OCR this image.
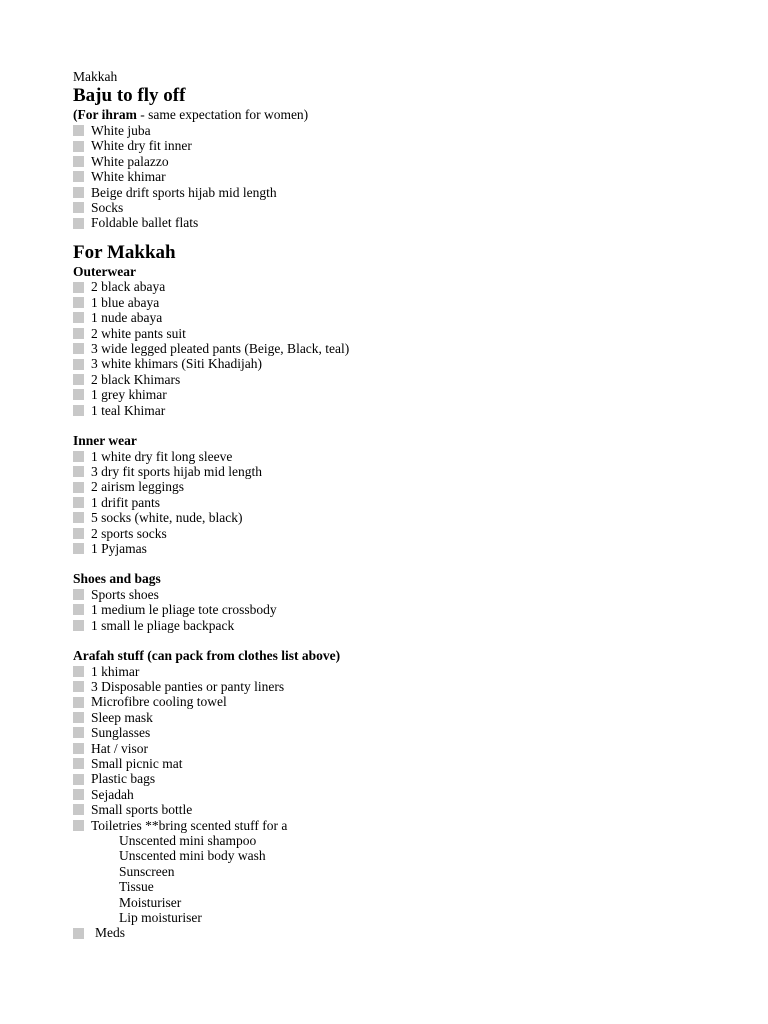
Makkah
Baju to fly off
(For ihram - same expectation for women)
White juba
White dry fit inner
White palazzo
White khimar
Beige drift sports hijab mid length
Socks
Foldable ballet flats
For Makkah
Outerwear
2 black abaya
1 blue abaya
1 nude abaya
2 white pants suit
3 wide legged pleated pants (Beige, Black, teal)
3 white khimars (Siti Khadijah)
2 black Khimars
1 grey khimar
1 teal Khimar
Inner wear
1 white dry fit long sleeve
3 dry fit sports hijab mid length
2 airism leggings
1 drifit pants
5 socks (white, nude, black)
2 sports socks
1 Pyjamas
Shoes and bags
Sports shoes
1 medium le pliage tote crossbody
1 small le pliage backpack
Arafah stuff (can pack from clothes list above)
1 khimar
3 Disposable panties or panty liners
Microfibre cooling towel
Sleep mask
Sunglasses
Hat / visor
Small picnic mat
Plastic bags
Sejadah
Small sports bottle
Toiletries **bring scented stuff for a
Unscented mini shampoo
Unscented mini body wash
Sunscreen
Tissue
Moisturiser
Lip moisturiser
Meds
